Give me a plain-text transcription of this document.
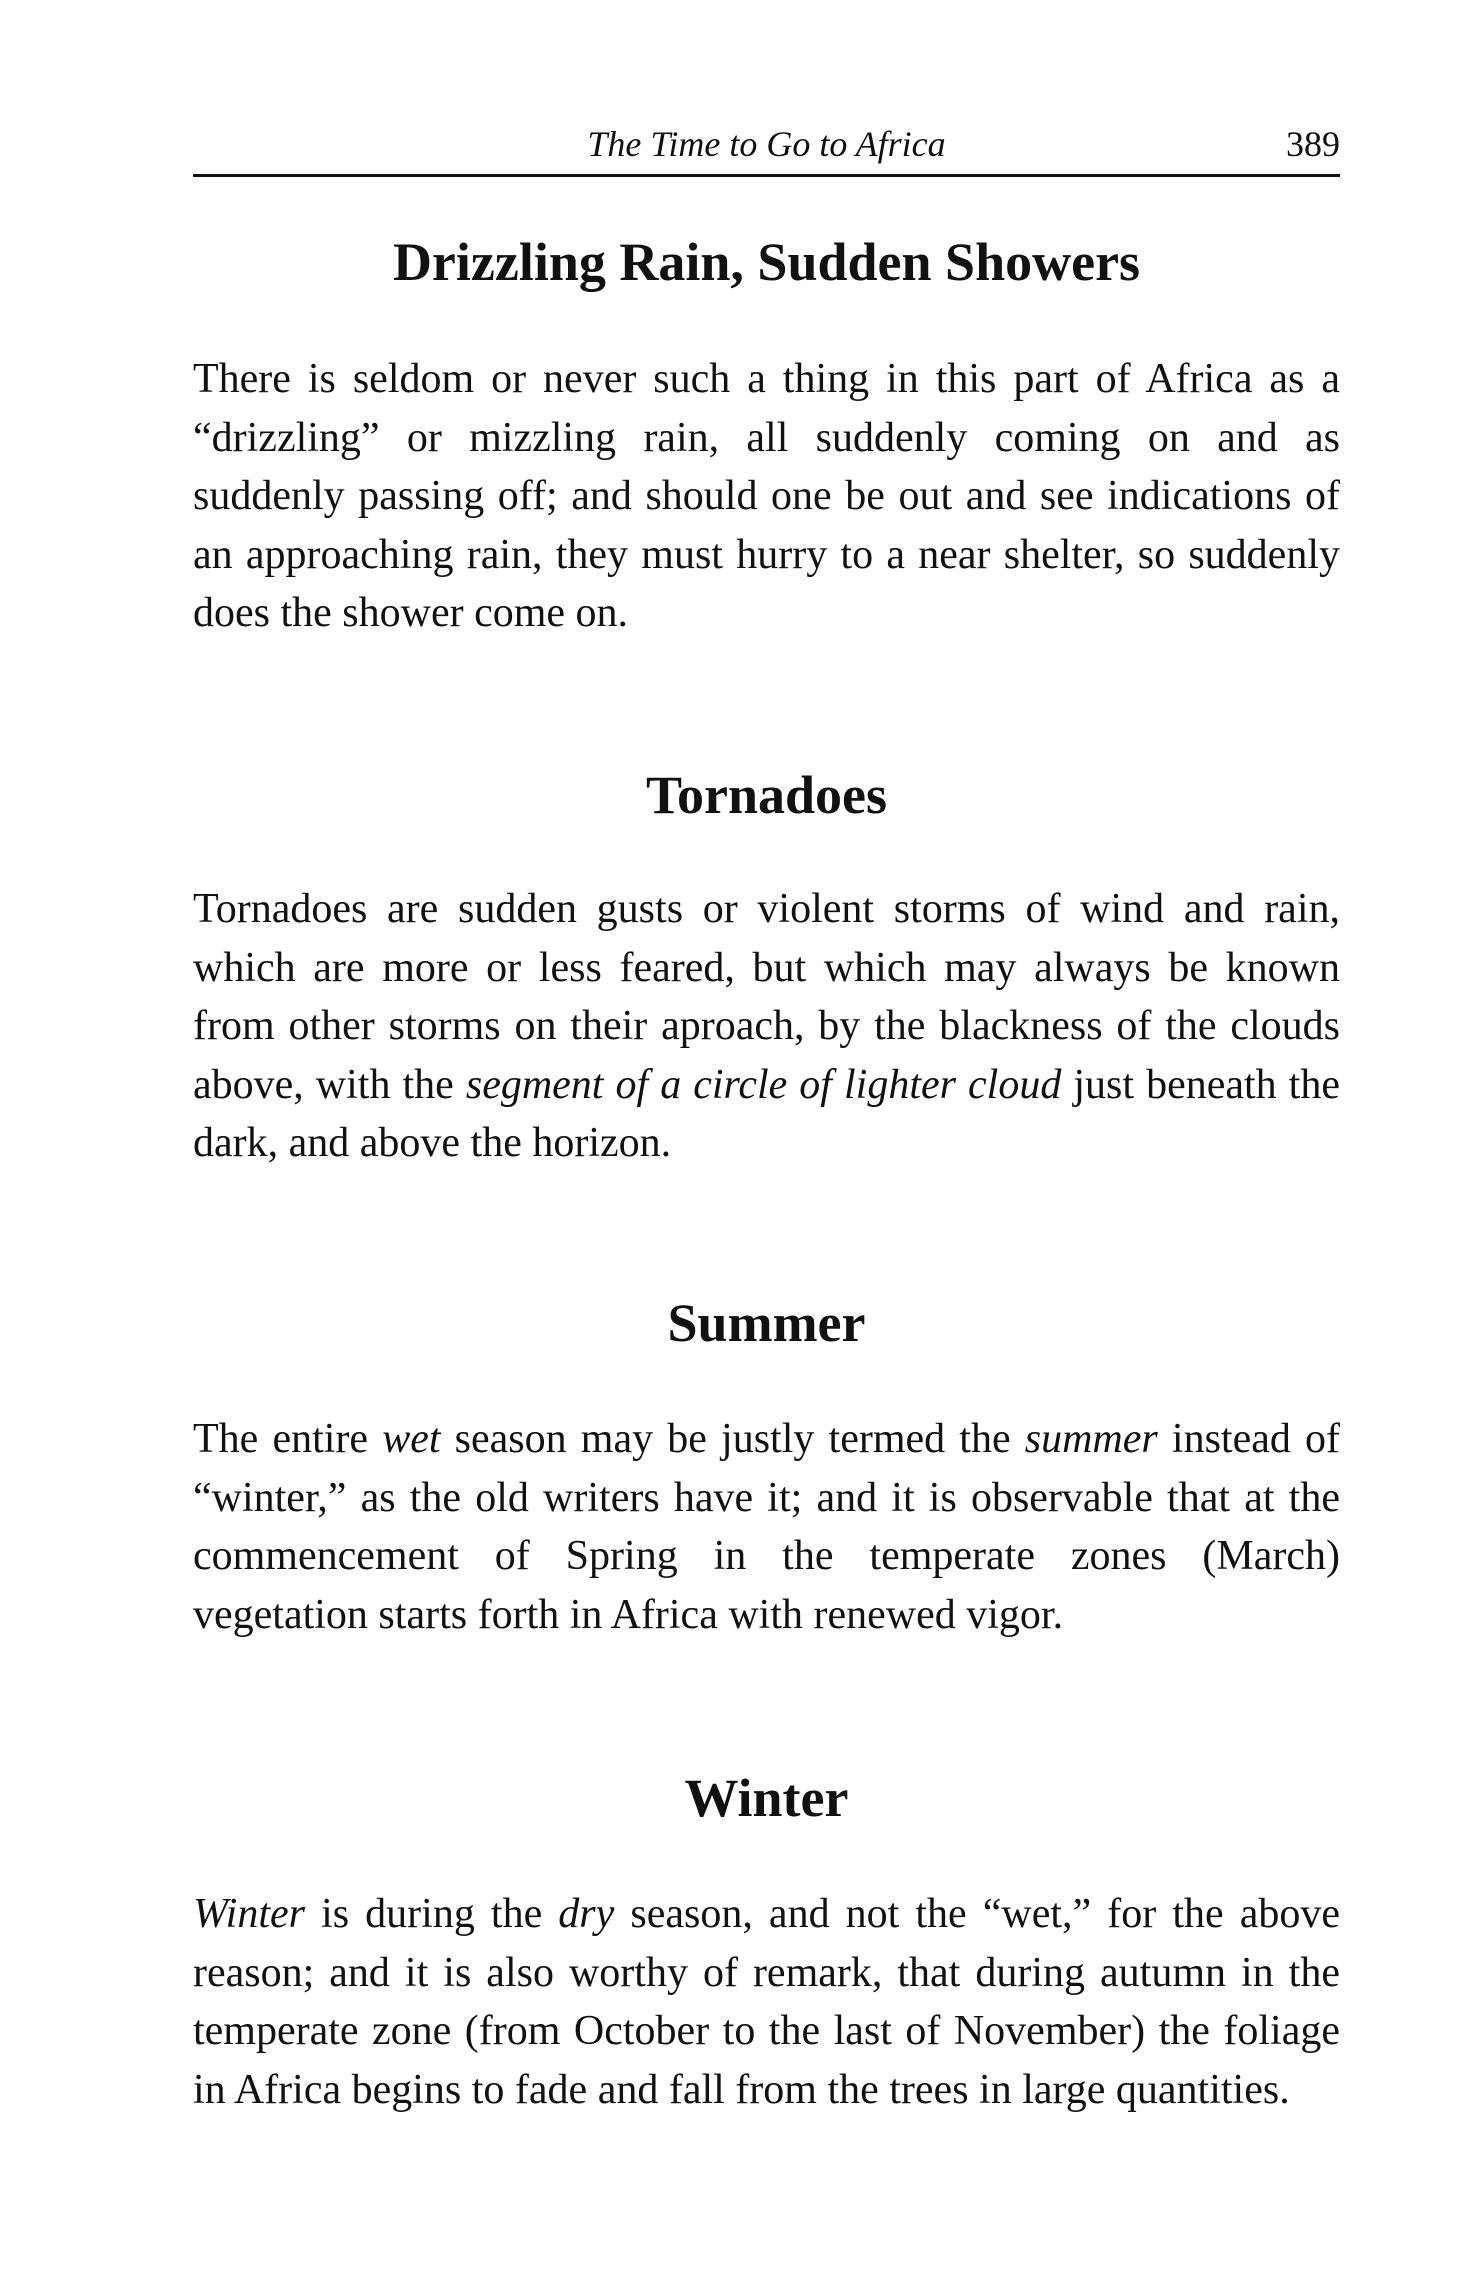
The Time to Go to Africa	389
Drizzling Rain, Sudden Showers

There is seldom or never such a thing in this part of Africa as a “drizzling” or mizzling rain, all suddenly coming on and as suddenly passing off; and should one be out and see indications of an approaching rain, they must hurry to a near shelter, so suddenly does the shower come on.

Tornadoes

Tornadoes are sudden gusts or violent storms of wind and rain, which are more or less feared, but which may always be known from other storms on their aproach, by the blackness of the clouds above, with the segment of a circle of lighter cloud just beneath the dark, and above the horizon.

Summer

The entire wet season may be justly termed the summer instead of “winter,” as the old writers have it; and it is observable that at the commencement of Spring in the temperate zones (March) vegetation starts forth in Africa with renewed vigor.

Winter

Winter is during the dry season, and not the “wet,” for the above reason; and it is also worthy of remark, that during autumn in the temperate zone (from October to the last of November) the foliage in Africa begins to fade and fall from the trees in large quantities.
